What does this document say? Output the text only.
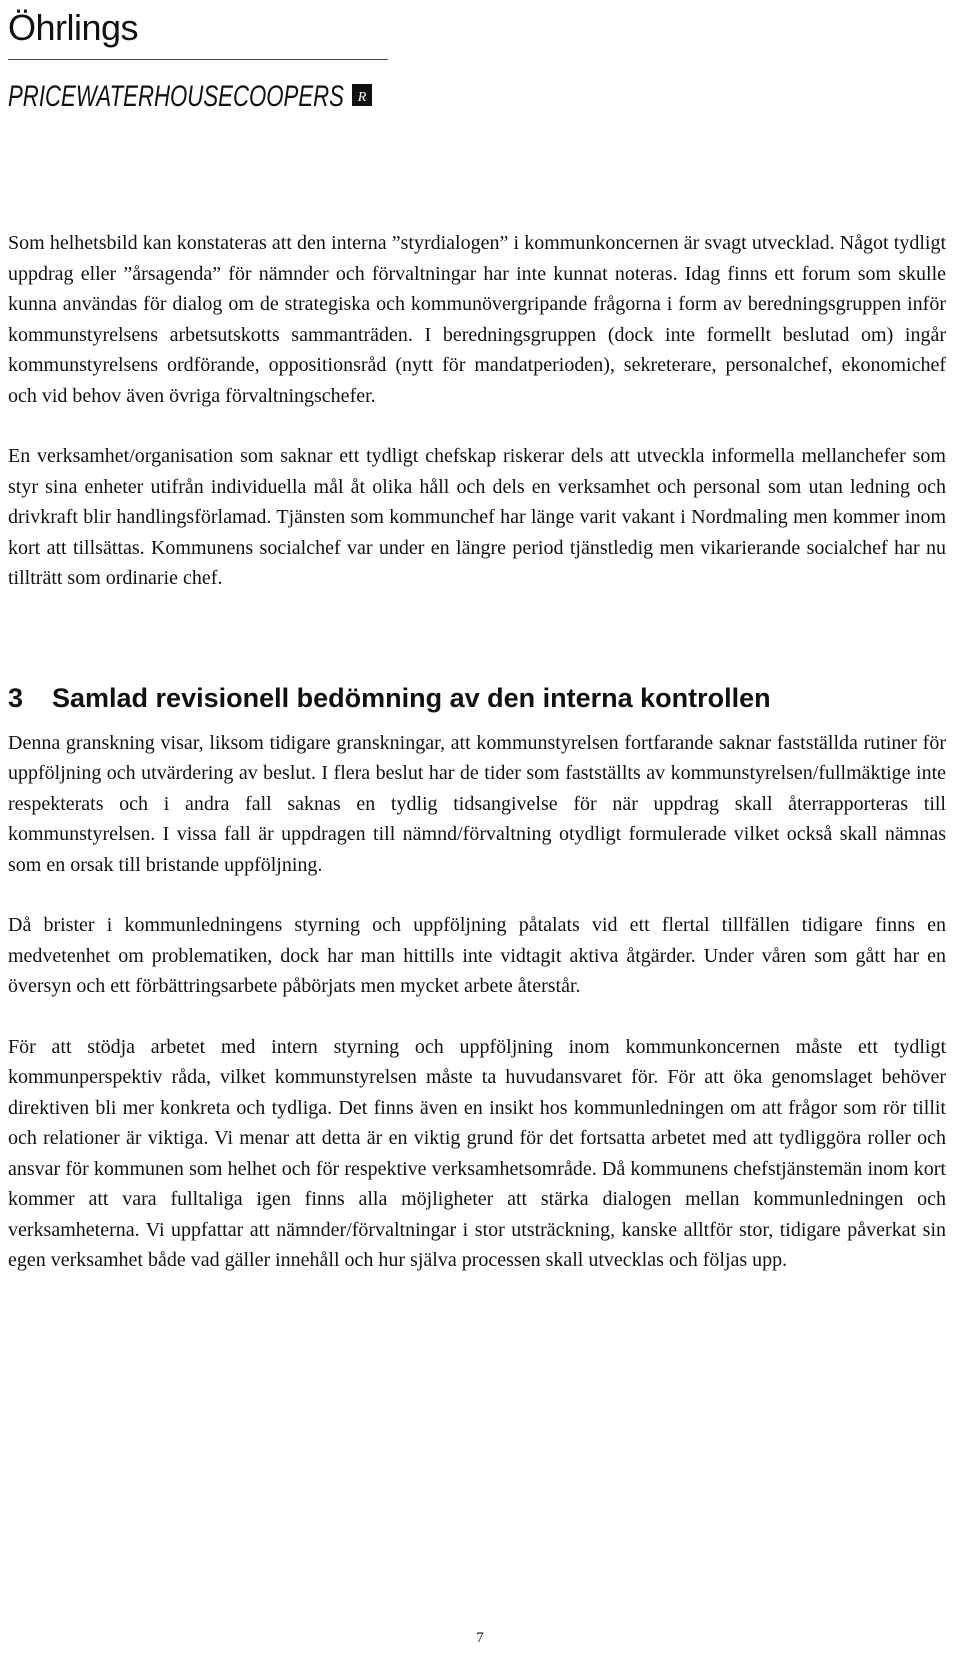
Öhrlings
PRICEWATERHOUSECOOPERS R

Som helhetsbild kan konstateras att den interna ”styrdialogen” i kommunkoncernen är svagt utvecklad. Något tydligt uppdrag eller ”årsagenda” för nämnder och förvaltningar har inte kunnat noteras. Idag finns ett forum som skulle kunna användas för dialog om de strategiska och kommunövergripande frågorna i form av beredningsgruppen inför kommunstyrelsens arbetsutskotts sammanträden. I beredningsgruppen (dock inte formellt beslutad om) ingår kommunstyrelsens ordförande, oppositionsråd (nytt för mandatperioden), sekreterare, personalchef, ekonomichef och vid behov även övriga förvaltningschefer.

En verksamhet/organisation som saknar ett tydligt chefskap riskerar dels att utveckla informella mellanchefer som styr sina enheter utifrån individuella mål åt olika håll och dels en verksamhet och personal som utan ledning och drivkraft blir handlingsförlamad. Tjänsten som kommunchef har länge varit vakant i Nordmaling men kommer inom kort att tillsättas. Kommunens socialchef var under en längre period tjänstledig men vikarierande socialchef har nu tillträtt som ordinarie chef.

3 Samlad revisionell bedömning av den interna kontrollen

Denna granskning visar, liksom tidigare granskningar, att kommunstyrelsen fortfarande saknar fastställda rutiner för uppföljning och utvärdering av beslut. I flera beslut har de tider som fastställts av kommunstyrelsen/fullmäktige inte respekterats och i andra fall saknas en tydlig tidsangivelse för när uppdrag skall återrapporteras till kommunstyrelsen. I vissa fall är uppdragen till nämnd/förvaltning otydligt formulerade vilket också skall nämnas som en orsak till bristande uppföljning.

Då brister i kommunledningens styrning och uppföljning påtalats vid ett flertal tillfällen tidigare finns en medvetenhet om problematiken, dock har man hittills inte vidtagit aktiva åtgärder. Under våren som gått har en översyn och ett förbättringsarbete påbörjats men mycket arbete återstår.

För att stödja arbetet med intern styrning och uppföljning inom kommunkoncernen måste ett tydligt kommunperspektiv råda, vilket kommunstyrelsen måste ta huvudansvaret för. För att öka genomslaget behöver direktiven bli mer konkreta och tydliga. Det finns även en insikt hos kommunledningen om att frågor som rör tillit och relationer är viktiga. Vi menar att detta är en viktig grund för det fortsatta arbetet med att tydliggöra roller och ansvar för kommunen som helhet och för respektive verksamhetsområde. Då kommunens chefstjänstemän inom kort kommer att vara fulltaliga igen finns alla möjligheter att stärka dialogen mellan kommunledningen och verksamheterna. Vi uppfattar att nämnder/förvaltningar i stor utsträckning, kanske alltför stor, tidigare påverkat sin egen verksamhet både vad gäller innehåll och hur själva processen skall utvecklas och följas upp.

7
